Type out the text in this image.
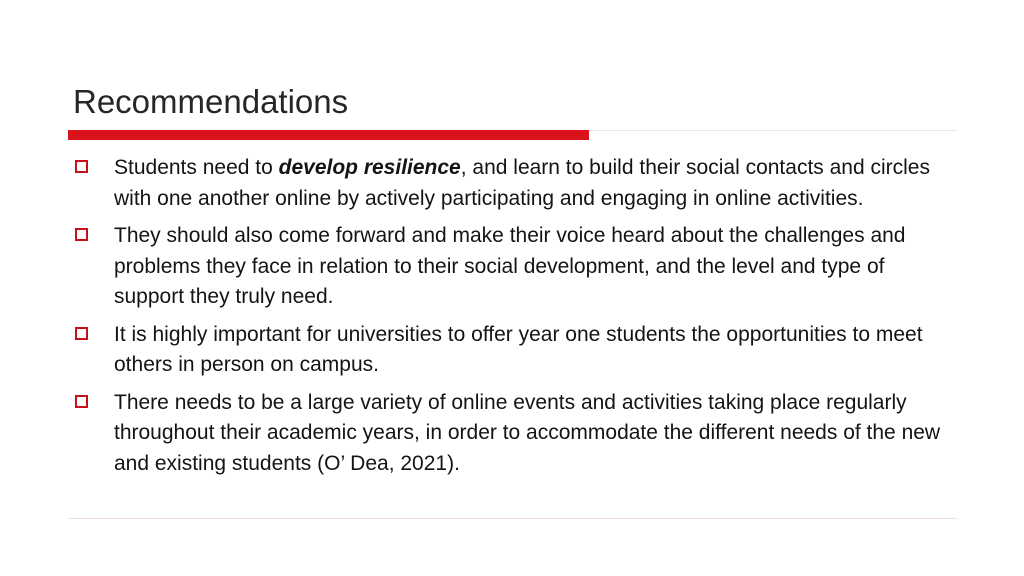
Recommendations
Students need to develop resilience, and learn to build their social contacts and circles with one another online by actively participating and engaging in online activities.
They should also come forward and make their voice heard about the challenges and problems they face in relation to their social development, and the level and type of support they truly need.
It is highly important for universities to offer year one students the opportunities to meet others in person on campus.
There needs to be a large variety of online events and activities taking place regularly throughout their academic years, in order to accommodate the different needs of the new and existing students (O’ Dea, 2021).
